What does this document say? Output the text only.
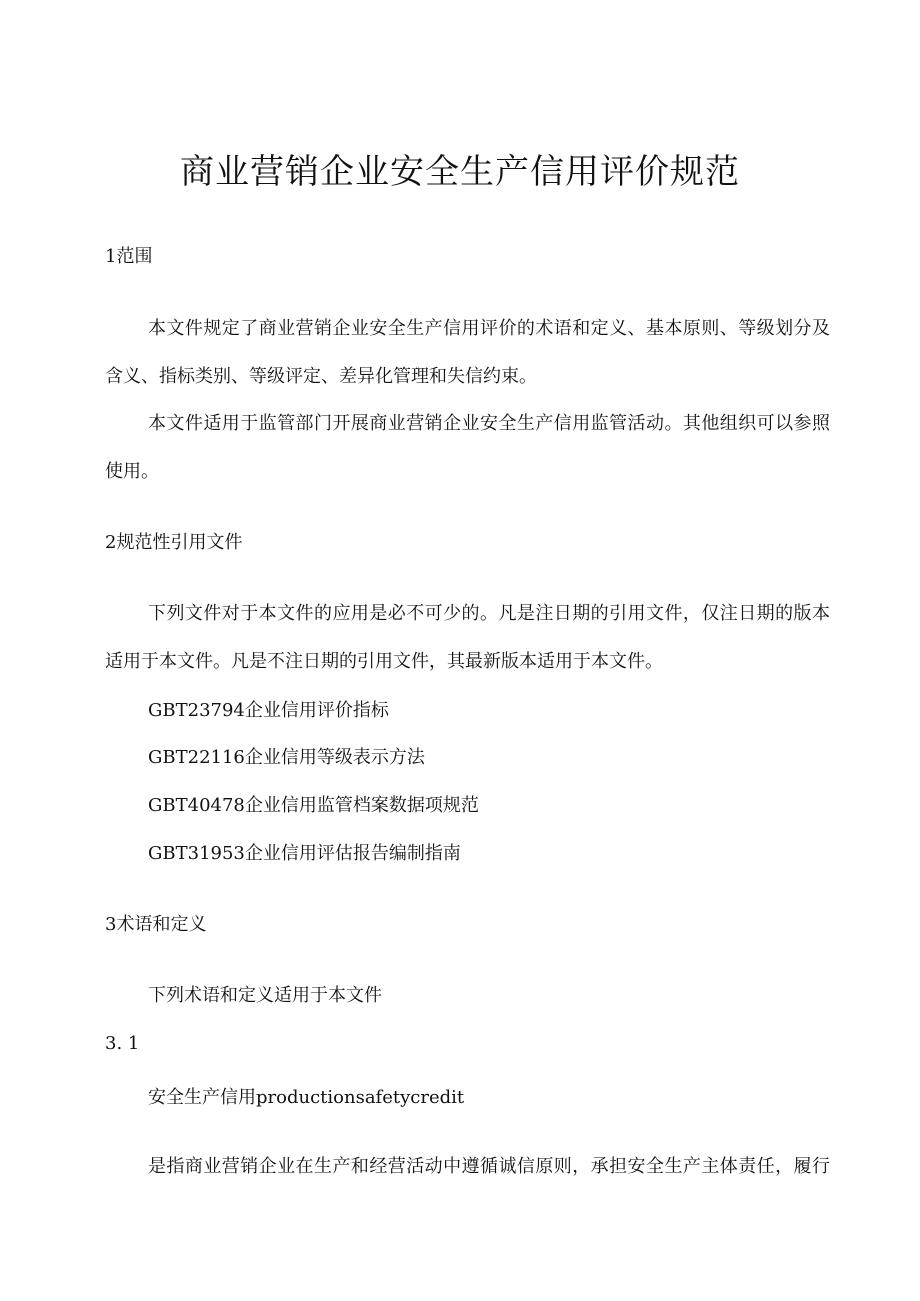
商业营销企业安全生产信用评价规范

1范围

本文件规定了商业营销企业安全生产信用评价的术语和定义、基本原则、等级划分及

含义、指标类别、等级评定、差异化管理和失信约束。

本文件适用于监管部门开展商业营销企业安全生产信用监管活动。其他组织可以参照

使用。

2规范性引用文件

下列文件对于本文件的应用是必不可少的。凡是注日期的引用文件，仅注日期的版本

适用于本文件。凡是不注日期的引用文件，其最新版本适用于本文件。

GBT23794企业信用评价指标

GBT22116企业信用等级表示方法

GBT40478企业信用监管档案数据项规范

GBT31953企业信用评估报告编制指南

3术语和定义

下列术语和定义适用于本文件

3. 1

安全生产信用productionsafetycredit

是指商业营销企业在生产和经营活动中遵循诚信原则，承担安全生产主体责任，履行
